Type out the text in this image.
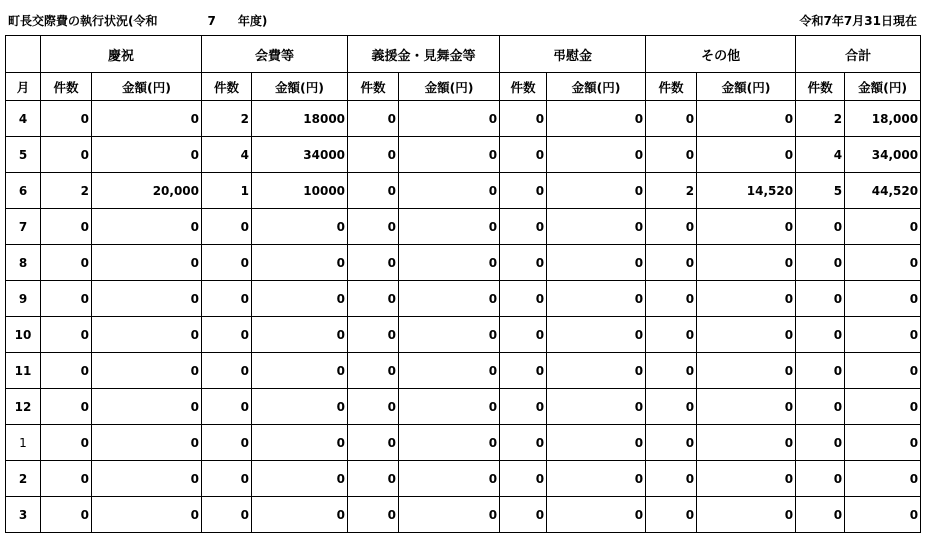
町長交際費の執行状況(令和	7 年度)	令和7年7月31日現在
	慶祝		会費等		義援金・見舞金等		弔慰金		その他		合計	
月	件数	金額(円)	件数	金額(円)	件数	金額(円)	件数	金額(円)	件数	金額(円)	件数	金額(円)
4	0	0	2	18000	0	0	0	0	0	0	2	18,000
5	0	0	4	34000	0	0	0	0	0	0	4	34,000
6	2	20,000	1	10000	0	0	0	0	2	14,520	5	44,520
7	0	0	0	0	0	0	0	0	0	0	0	0
8	0	0	0	0	0	0	0	0	0	0	0	0
9	0	0	0	0	0	0	0	0	0	0	0	0
10	0	0	0	0	0	0	0	0	0	0	0	0
11	0	0	0	0	0	0	0	0	0	0	0	0
12	0	0	0	0	0	0	0	0	0	0	0	0
1	0	0	0	0	0	0	0	0	0	0	0	0
2	0	0	0	0	0	0	0	0	0	0	0	0
3	0	0	0	0	0	0	0	0	0	0	0	0
